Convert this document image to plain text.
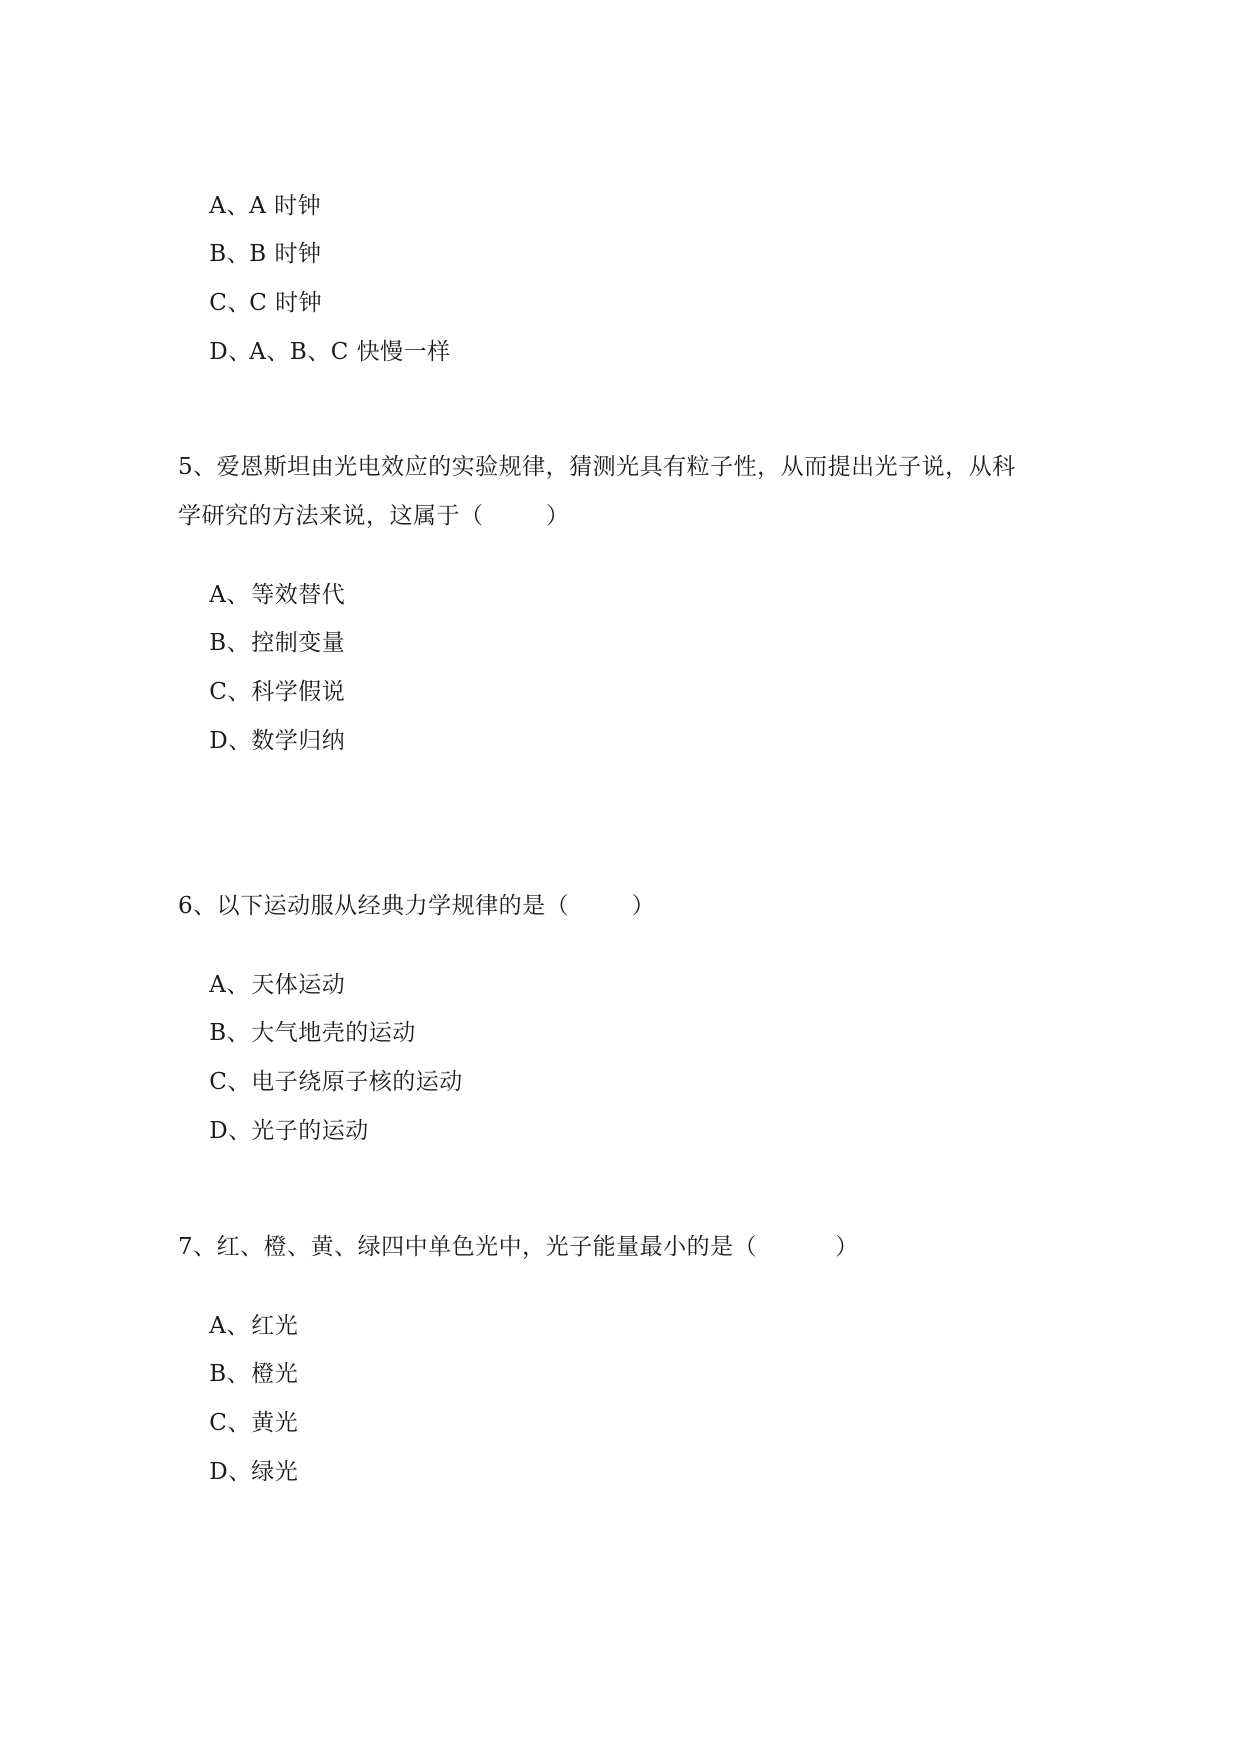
A、A 时钟

B、B 时钟

C、C 时钟

D、A、B、C 快慢一样

5、爱恩斯坦由光电效应的实验规律，猜测光具有粒子性，从而提出光子说，从科
学研究的方法来说，这属于（        ）

A、等效替代

B、控制变量

C、科学假说

D、数学归纳

6、以下运动服从经典力学规律的是（        ）

A、天体运动

B、大气地壳的运动

C、电子绕原子核的运动

D、光子的运动

7、红、橙、黄、绿四中单色光中，光子能量最小的是（          ）

A、红光

B、橙光

C、黄光

D、绿光
